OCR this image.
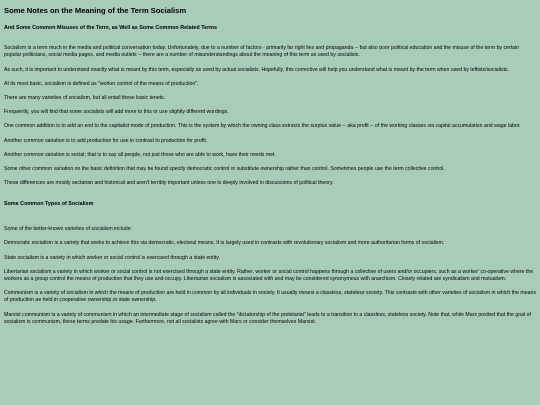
Some Notes on the Meaning of the Term Socialism
And Some Common Misuses of the Term, as Well as Some Common Related Terms

Socialism is a term much in the media and political conversation today. Unfortunately, due to a number of factors - primarily far right lies and propaganda -- but also poor political education and the misuse of the term by certain popular politicians, social media pages, and media outlets -- there are a number of misunderstandings about the meaning of this term as used by socialists.

As such, it is important to understand exactly what is meant by this term, especially as used by actual socialists. Hopefully, this corrective will help you understand what is meant by the term when used by leftists/socialists.

At its most basic, socialism is defined as "worker control of the means of production".

There are many varieties of socialism, but all entail these basic tenets.

Frequently, you will find that some socialists will add more to this or use slightly different wordings.

One common addition is to add an end to the capitalist mode of production. This is the system by which the owning class extracts the surplus value -- aka profit -- of the working classes via capital accumulation and wage labor.

Another common variation is to add production for use in contrast to production for profit.

Another common variation is social; that is to say all people, not just those who are able to work, have their needs met.

Some other common variation on the basic definition that may be found specify democratic control or substitute ownership rather than control. Sometimes people use the term collective control.

These differences are mostly sectarian and historical and aren't terribly important unless one is deeply involved in discussions of political theory.

Some Common Types of Socialism

Some of the better-known varieties of socialism include:

Democratic socialism is a variety that seeks to achieve this via democratic, electoral means. It is largely used in contrasts with revolutionary socialism and more authoritarian forms of socialism.

State socialism is a variety in which worker or social control is exercised through a state entity.

Libertarian socialism a variety in which worker or social control is not exercised through a state entity. Rather, worker or social control happens through a collective of users and/or occupiers, such as a worker' co-operative where the workers as a group control the means of production that they use and occupy. Libertarian socialism is associated with and may be considered synonymous with anarchism. Closely related are syndicalism and mutualism.

Communism is a variety of socialism in which the means of production are held in common by all individuals in society. It usually means a classless, stateless society. This contrasts with other varieties of socialism in which the means of production ae held in cooperative ownership or state ownership.

Marxist communism is a variety of communism in which an intermediate stage of socialism called the "dictatorship of the proletariat" leads to a transition to a classless, stateless society. Note that, while Marx posited that the goal of socialism is communism, these terms predate his usage. Furthermore, not all socialists agree with Marx or consider themselves Marxist.
